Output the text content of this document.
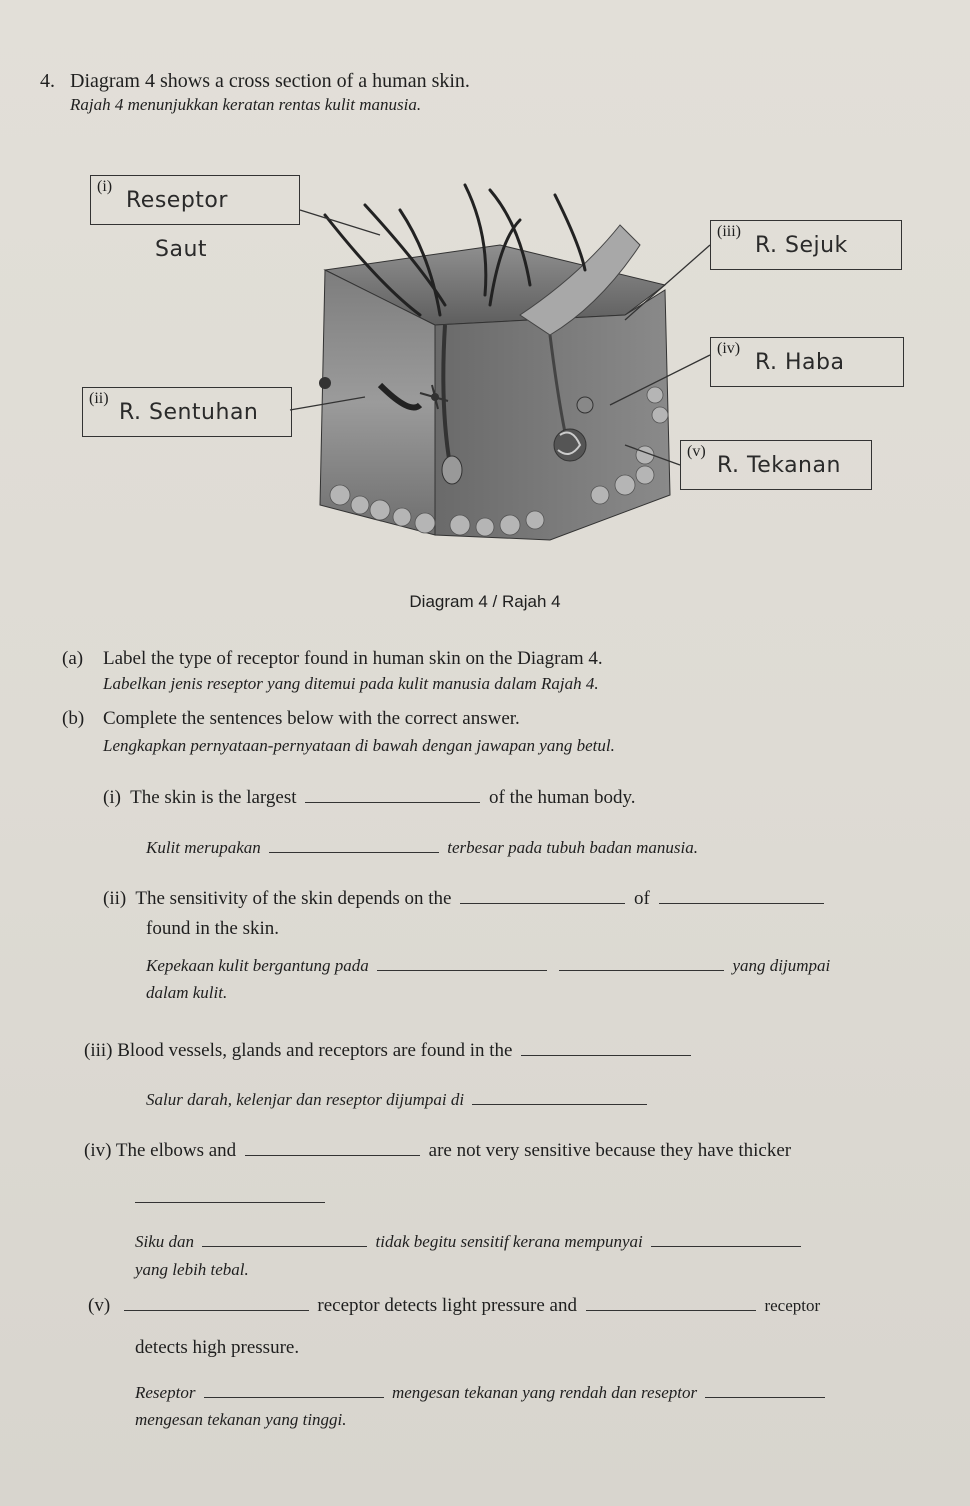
4. Diagram 4 shows a cross section of a human skin.
Rajah 4 menunjukkan keratan rentas kulit manusia.
(i)
Reseptor
Saut
(ii)
R. Sentuhan
(iii)
R. Sejuk
(iv)
R. Haba
(v)
R. Tekanan
Diagram 4 / Rajah 4
(a) Label the type of receptor found in human skin on the Diagram 4.
Labelkan jenis reseptor yang ditemui pada kulit manusia dalam Rajah 4.
(b) Complete the sentences below with the correct answer.
Lengkapkan pernyataan-pernyataan di bawah dengan jawapan yang betul.
(i) The skin is the largest	of the human body.
Kulit merupakan	terbesar pada tubuh badan manusia.
(ii) The sensitivity of the skin depends on the	of
found in the skin.
Kepekaan kulit bergantung pada	yang dijumpai
dalam kulit.
(iii) Blood vessels, glands and receptors are found in the
Salur darah, kelenjar dan reseptor dijumpai di
(iv) The elbows and	are not very sensitive because they have thicker
Siku dan	tidak begitu sensitif kerana mempunyai
yang lebih tebal.
(v)	receptor detects light pressure and	receptor
detects high pressure.
Reseptor	mengesan tekanan yang rendah dan reseptor
mengesan tekanan yang tinggi.
